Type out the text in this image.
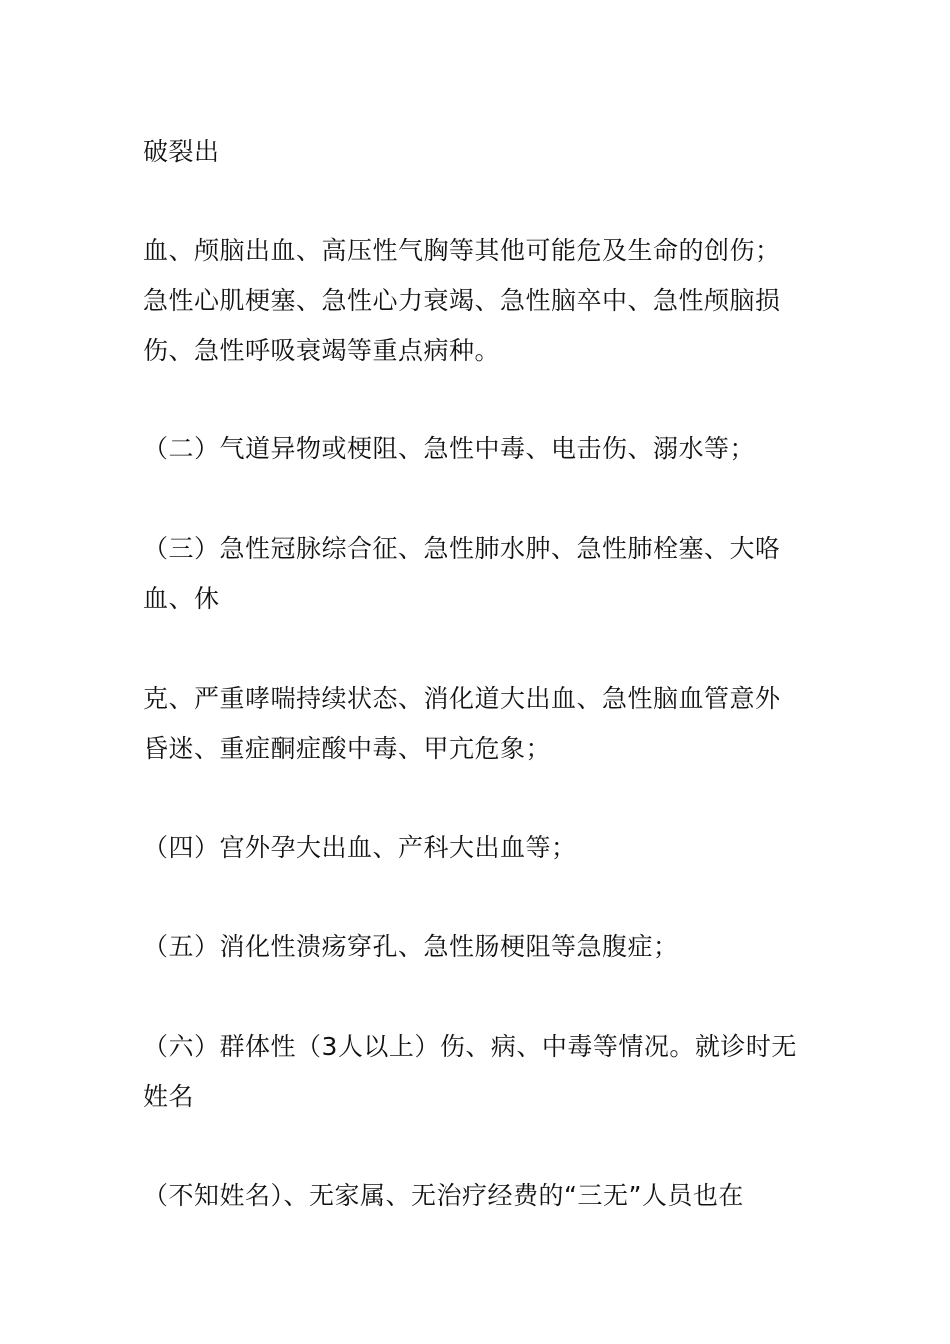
破裂出
血、颅脑出血、高压性气胸等其他可能危及生命的创伤；
急性心肌梗塞、急性心力衰竭、急性脑卒中、急性颅脑损
伤、急性呼吸衰竭等重点病种。
（二）气道异物或梗阻、急性中毒、电击伤、溺水等；
（三）急性冠脉综合征、急性肺水肿、急性肺栓塞、大咯
血、休
克、严重哮喘持续状态、消化道大出血、急性脑血管意外
昏迷、重症酮症酸中毒、甲亢危象；
（四）宫外孕大出血、产科大出血等；
（五）消化性溃疡穿孔、急性肠梗阻等急腹症；
（六）群体性（3人以上）伤、病、中毒等情况。就诊时无
姓名
（不知姓名）、无家属、无治疗经费的“三无”人员也在
